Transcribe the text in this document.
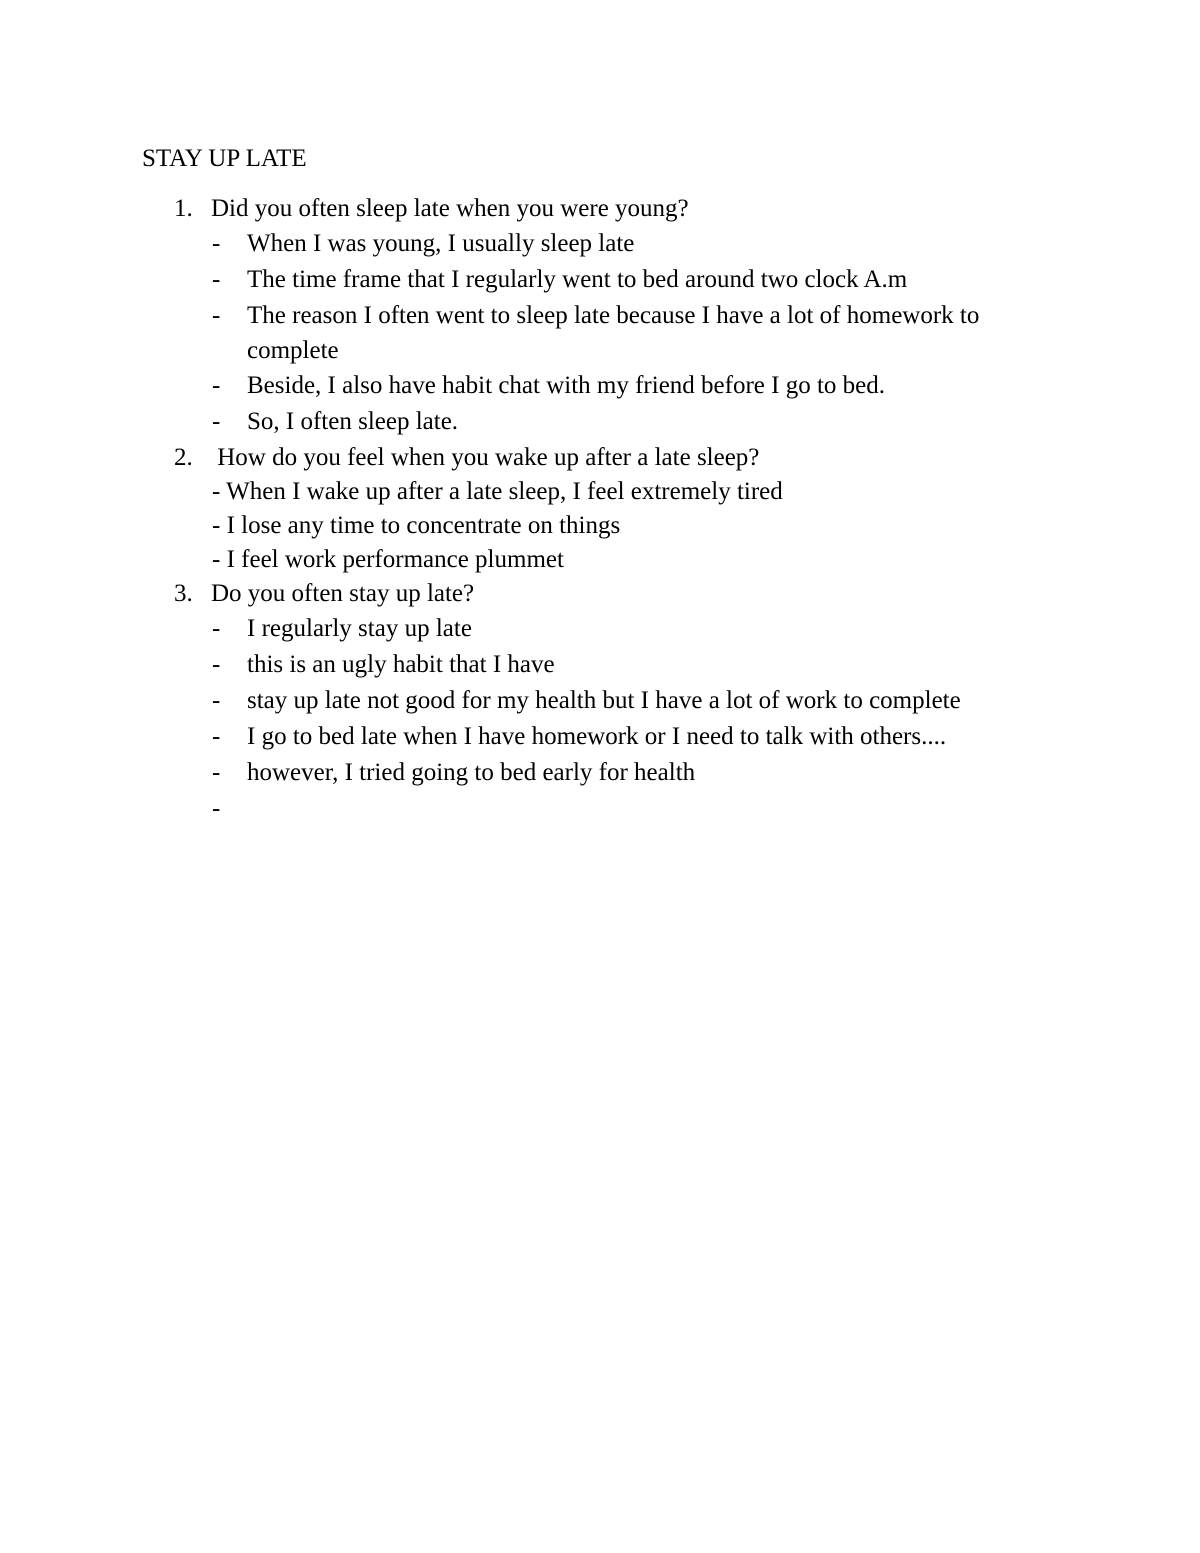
STAY UP LATE
1. Did you often sleep late when you were young?
- When I was young, I usually sleep late
- The time frame that I regularly went to bed around two clock A.m
- The reason I often went to sleep late because I have a lot of homework to complete
- Beside, I also have habit chat with my friend before I go to bed.
- So, I often sleep late.
2. How do you feel when you wake up after a late sleep?
- When I wake up after a late sleep, I feel extremely tired
- I lose any time to concentrate on things
- I feel work performance plummet
3. Do you often stay up late?
- I regularly stay up late
- this is an ugly habit that I have
- stay up late not good for my health but I have a lot of work to complete
- I go to bed late when I have homework or I need to talk with others....
- however, I tried going to bed early for health
-
